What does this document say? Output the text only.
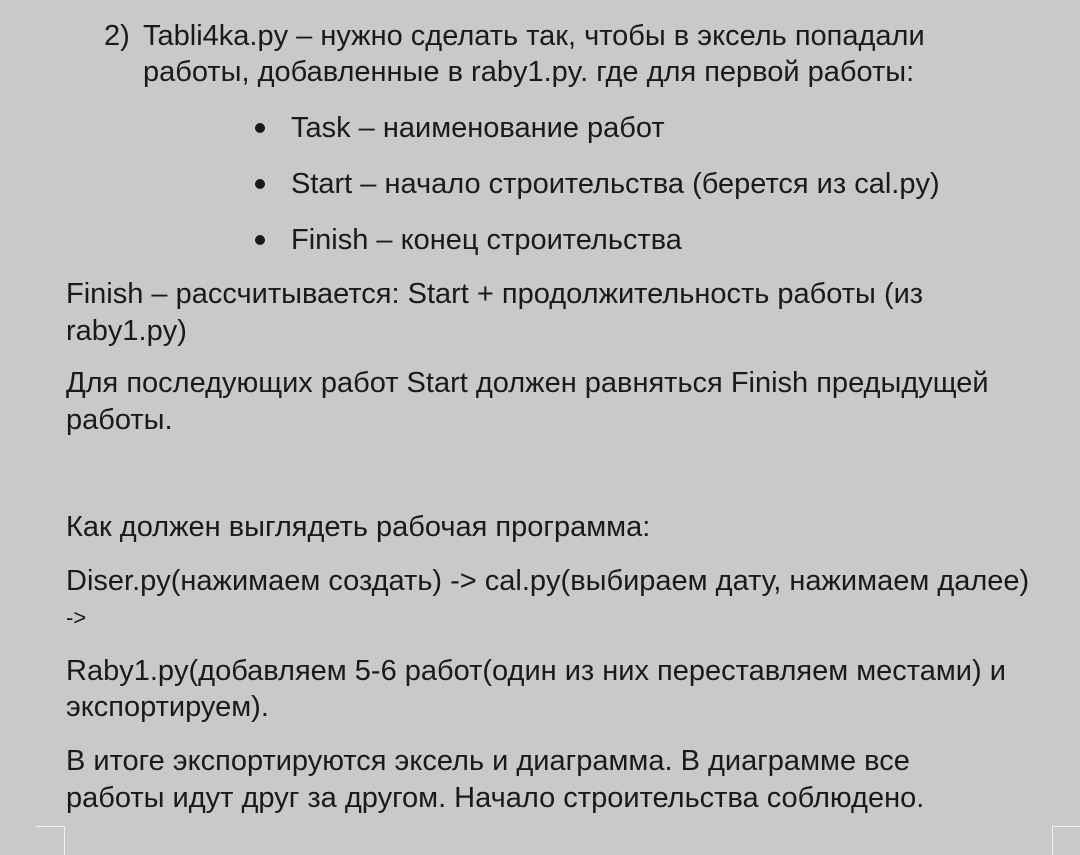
2) Tabli4ka.py – нужно сделать так, чтобы в эксель попадали
работы, добавленные в raby1.py. где для первой работы:
Task – наименование работ
Start – начало строительства (берется из cal.py)
Finish – конец строительства
Finish – рассчитывается: Start + продолжительность работы (из
raby1.py)
Для последующих работ Start должен равняться Finish предыдущей
работы.
Как должен выглядеть рабочая программа:
Diser.py(нажимаем создать) -> cal.py(выбираем дату, нажимаем далее)
->
Raby1.py(добавляем 5-6 работ(один из них переставляем местами) и
экспортируем).
В итоге экспортируются эксель и диаграмма. В диаграмме все
работы идут друг за другом. Начало строительства соблюдено.
